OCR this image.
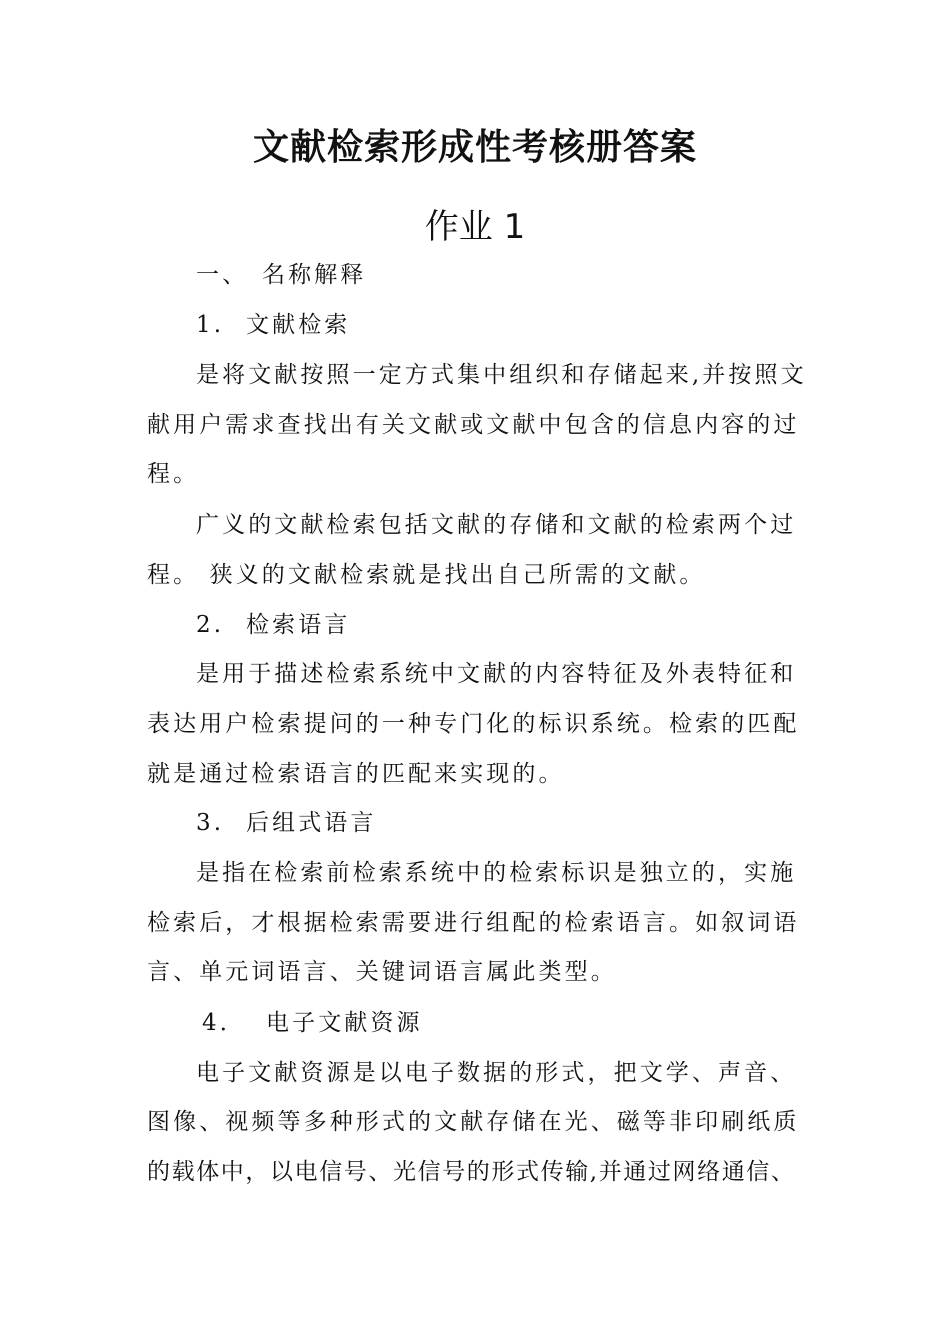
文献检索形成性考核册答案
作业 1
一、 名称解释
1. 文献检索
是将文献按照一定方式集中组织和存储起来,并按照文
献用户需求查找出有关文献或文献中包含的信息内容的过
程。
广义的文献检索包括文献的存储和文献的检索两个过
程。 狭义的文献检索就是找出自己所需的文献。
2. 检索语言
是用于描述检索系统中文献的内容特征及外表特征和
表达用户检索提问的一种专门化的标识系统。检索的匹配
就是通过检索语言的匹配来实现的。
3. 后组式语言
是指在检索前检索系统中的检索标识是独立的，实施
检索后，才根据检索需要进行组配的检索语言。如叙词语
言、单元词语言、关键词语言属此类型。
4． 电子文献资源
电子文献资源是以电子数据的形式，把文学、声音、
图像、视频等多种形式的文献存储在光、磁等非印刷纸质
的载体中，以电信号、光信号的形式传输,并通过网络通信、
